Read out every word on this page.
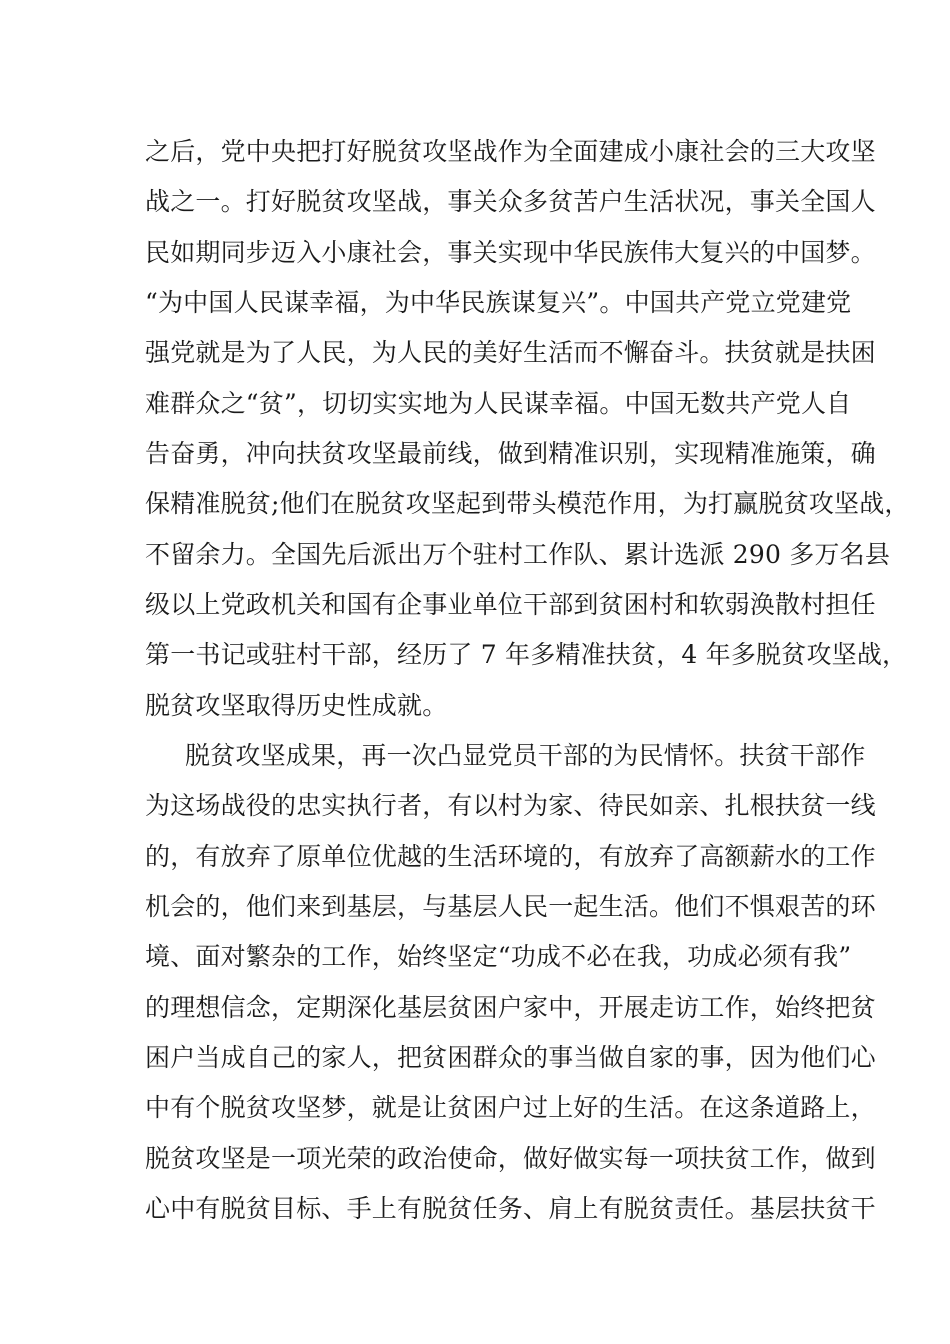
之后，党中央把打好脱贫攻坚战作为全面建成小康社会的三大攻坚
战之一。打好脱贫攻坚战，事关众多贫苦户生活状况，事关全国人
民如期同步迈入小康社会，事关实现中华民族伟大复兴的中国梦。
“为中国人民谋幸福，为中华民族谋复兴”。中国共产党立党建党
强党就是为了人民，为人民的美好生活而不懈奋斗。扶贫就是扶困
难群众之“贫”，切切实实地为人民谋幸福。中国无数共产党人自
告奋勇，冲向扶贫攻坚最前线，做到精准识别，实现精准施策，确
保精准脱贫;他们在脱贫攻坚起到带头模范作用，为打赢脱贫攻坚战，
不留余力。全国先后派出万个驻村工作队、累计选派 290 多万名县
级以上党政机关和国有企事业单位干部到贫困村和软弱涣散村担任
第一书记或驻村干部，经历了 7 年多精准扶贫，4 年多脱贫攻坚战，
脱贫攻坚取得历史性成就。
脱贫攻坚成果，再一次凸显党员干部的为民情怀。扶贫干部作
为这场战役的忠实执行者，有以村为家、待民如亲、扎根扶贫一线
的，有放弃了原单位优越的生活环境的，有放弃了高额薪水的工作
机会的，他们来到基层，与基层人民一起生活。他们不惧艰苦的环
境、面对繁杂的工作，始终坚定“功成不必在我，功成必须有我”
的理想信念，定期深化基层贫困户家中，开展走访工作，始终把贫
困户当成自己的家人，把贫困群众的事当做自家的事，因为他们心
中有个脱贫攻坚梦，就是让贫困户过上好的生活。在这条道路上，
脱贫攻坚是一项光荣的政治使命，做好做实每一项扶贫工作，做到
心中有脱贫目标、手上有脱贫任务、肩上有脱贫责任。基层扶贫干
